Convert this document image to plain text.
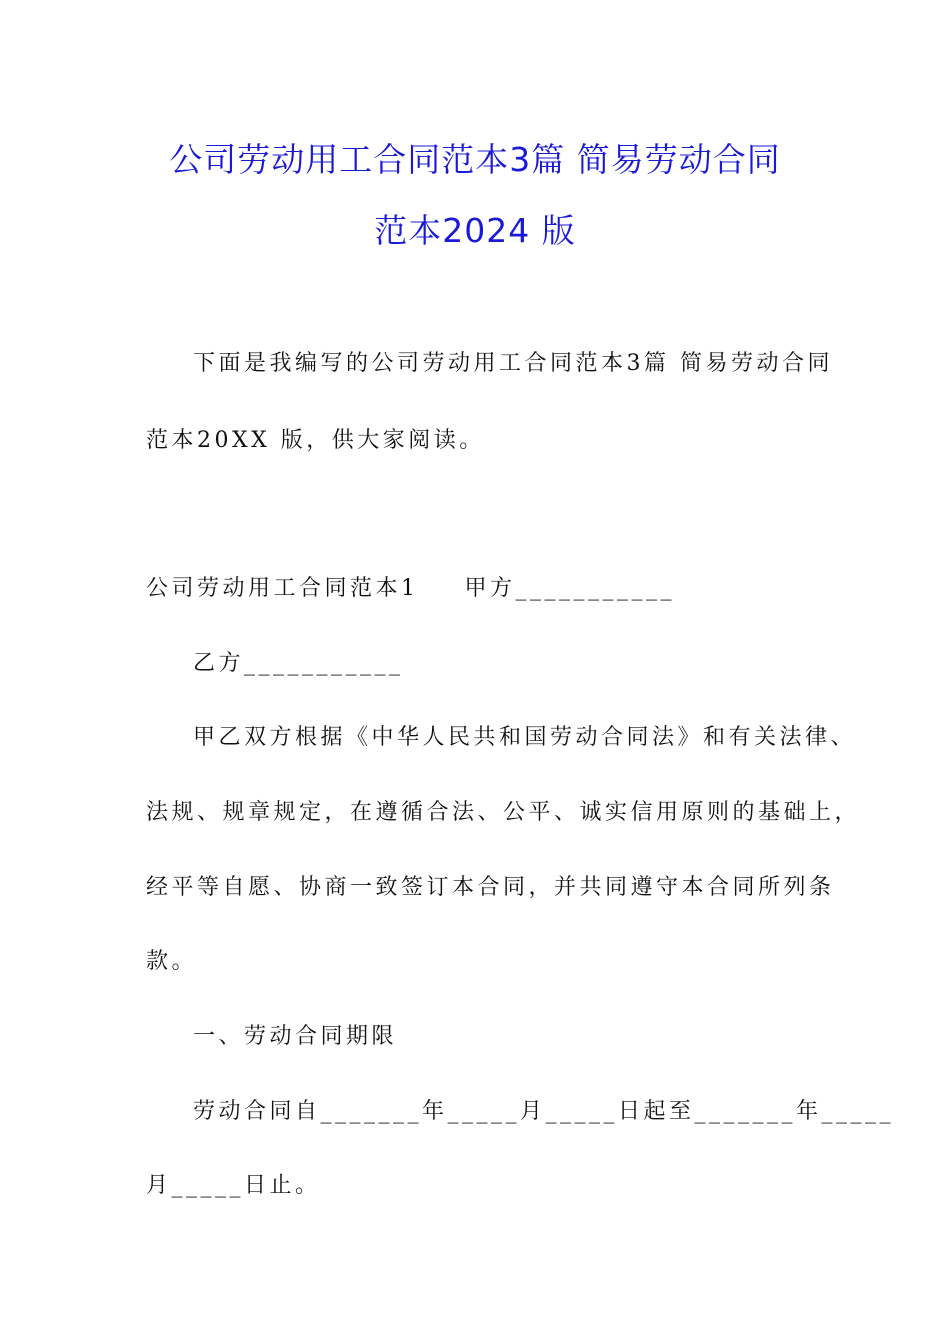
公司劳动用工合同范本3篇 简易劳动合同
范本2024 版

下面是我编写的公司劳动用工合同范本3篇 简易劳动合同

范本20XX 版，供大家阅读。

公司劳动用工合同范本1 甲方___________

乙方___________

甲乙双方根据《中华人民共和国劳动合同法》和有关法律、

法规、规章规定，在遵循合法、公平、诚实信用原则的基础上，

经平等自愿、协商一致签订本合同，并共同遵守本合同所列条

款。

一、劳动合同期限

劳动合同自_______年_____月_____日起至_______年_____

月_____日止。
